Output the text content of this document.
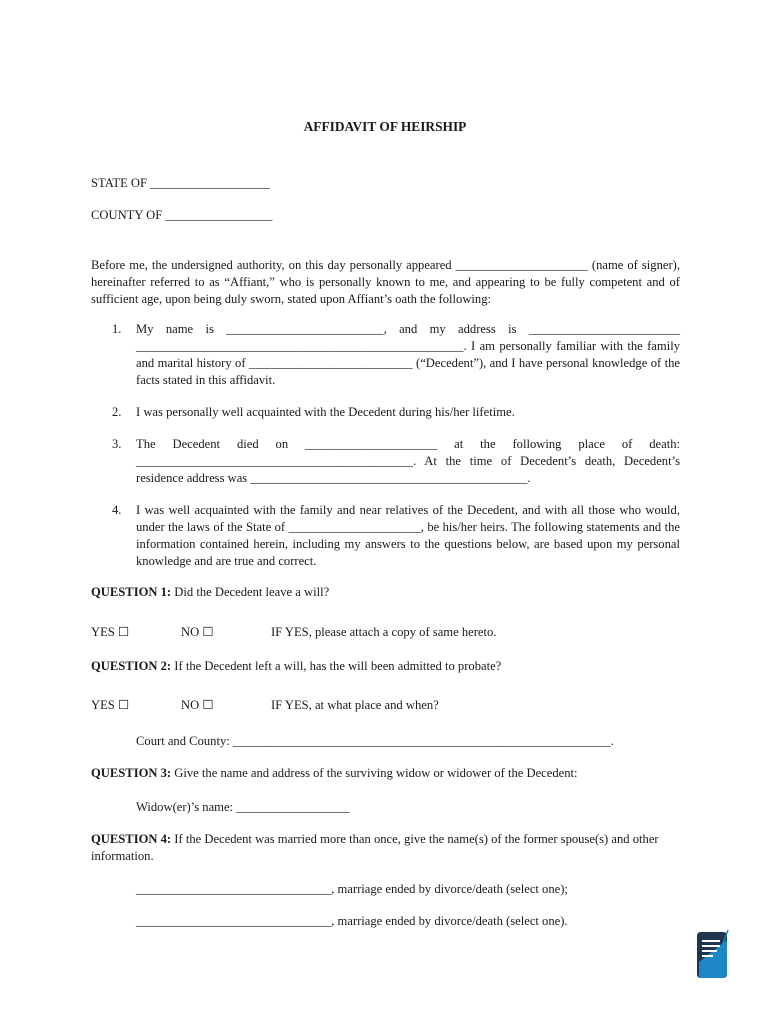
AFFIDAVIT OF HEIRSHIP
STATE OF ___________________
COUNTY OF _________________
Before me, the undersigned authority, on this day personally appeared _____________________ (name of signer), hereinafter referred to as “Affiant,” who is personally known to me, and appearing to be fully competent and of sufficient age, upon being duly sworn, stated upon Affiant’s oath the following:
1. My name is _________________________, and my address is ________________________ ____________________________________________________. I am personally familiar with the family and marital history of __________________________ (“Decedent”), and I have personal knowledge of the facts stated in this affidavit.
2. I was personally well acquainted with the Decedent during his/her lifetime.
3. The Decedent died on _____________________ at the following place of death: ____________________________________________. At the time of Decedent’s death, Decedent’s residence address was ____________________________________________.
4. I was well acquainted with the family and near relatives of the Decedent, and with all those who would, under the laws of the State of _____________________, be his/her heirs. The following statements and the information contained herein, including my answers to the questions below, are based upon my personal knowledge and are true and correct.
QUESTION 1: Did the Decedent leave a will?
YES ☐	NO ☐	IF YES, please attach a copy of same hereto.
QUESTION 2: If the Decedent left a will, has the will been admitted to probate?
YES ☐	NO ☐	IF YES, at what place and when?
Court and County: ____________________________________________________________.
QUESTION 3: Give the name and address of the surviving widow or widower of the Decedent:
Widow(er)’s name: __________________
QUESTION 4: If the Decedent was married more than once, give the name(s) of the former spouse(s) and other information.
_______________________________, marriage ended by divorce/death (select one);
_______________________________, marriage ended by divorce/death (select one).
